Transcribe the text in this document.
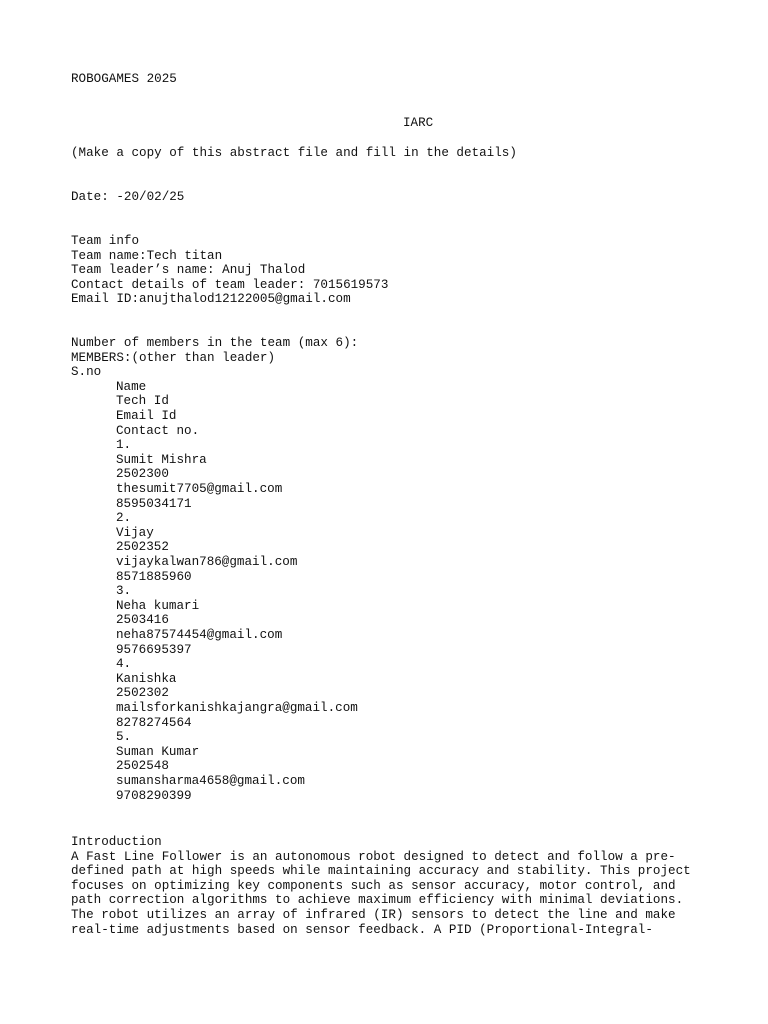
ROBOGAMES 2025
IARC
(Make a copy of this abstract file and fill in the details)
Date: -20/02/25
Team info
Team name:Tech titan
Team leader’s name: Anuj Thalod
Contact details of team leader: 7015619573
Email ID:anujthalod12122005@gmail.com
Number of members in the team (max 6):
MEMBERS:(other than leader)
S.no
Name
Tech Id
Email Id
Contact no.
1.
Sumit Mishra
2502300
thesumit7705@gmail.com
8595034171
2.
Vijay
2502352
vijaykalwan786@gmail.com
8571885960
3.
Neha kumari
2503416
neha87574454@gmail.com
9576695397
4.
Kanishka
2502302
mailsforkanishkajangra@gmail.com
8278274564
5.
Suman Kumar
2502548
sumansharma4658@gmail.com
9708290399
Introduction
A Fast Line Follower is an autonomous robot designed to detect and follow a pre-
defined path at high speeds while maintaining accuracy and stability. This project
focuses on optimizing key components such as sensor accuracy, motor control, and
path correction algorithms to achieve maximum efficiency with minimal deviations.
The robot utilizes an array of infrared (IR) sensors to detect the line and make
real-time adjustments based on sensor feedback. A PID (Proportional-Integral-
